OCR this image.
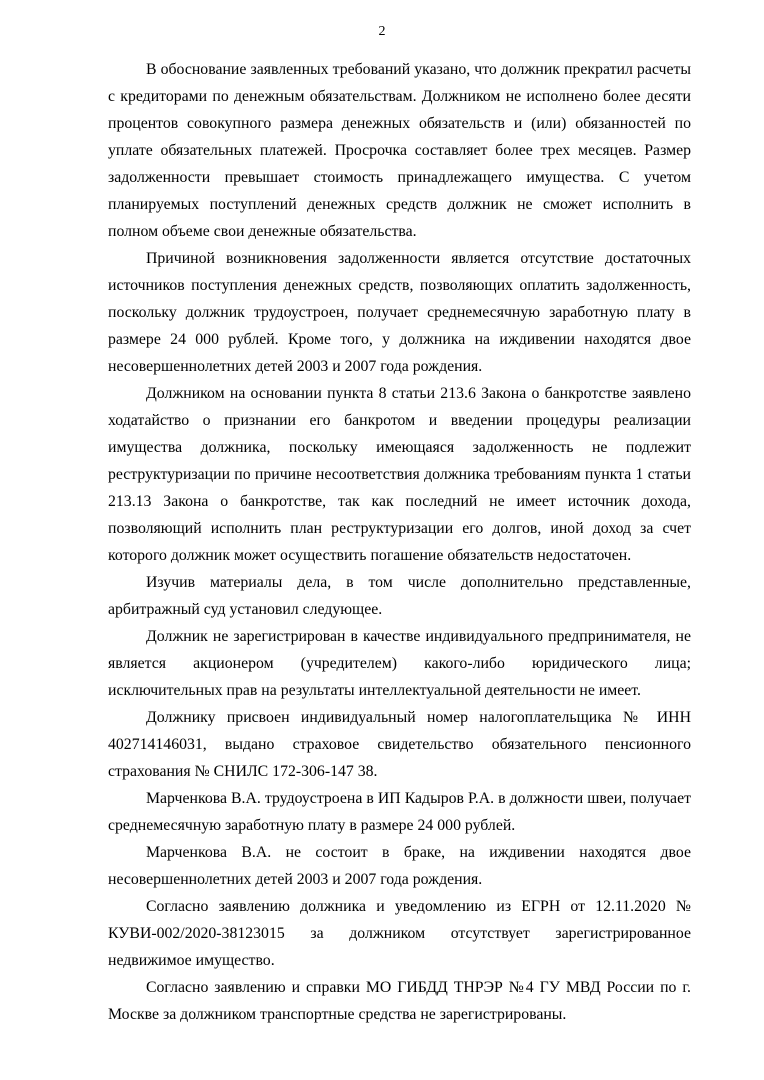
2

В обоснование заявленных требований указано, что должник прекратил расчеты с кредиторами по денежным обязательствам. Должником не исполнено более десяти процентов совокупного размера денежных обязательств и (или) обязанностей по уплате обязательных платежей. Просрочка составляет более трех месяцев. Размер задолженности превышает стоимость принадлежащего имущества. С учетом планируемых поступлений денежных средств должник не сможет исполнить в полном объеме свои денежные обязательства.

Причиной возникновения задолженности является отсутствие достаточных источников поступления денежных средств, позволяющих оплатить задолженность, поскольку должник трудоустроен, получает среднемесячную заработную плату в размере 24 000 рублей. Кроме того, у должника на иждивении находятся двое несовершеннолетних детей 2003 и 2007 года рождения.

Должником на основании пункта 8 статьи 213.6 Закона о банкротстве заявлено ходатайство о признании его банкротом и введении процедуры реализации имущества должника, поскольку имеющаяся задолженность не подлежит реструктуризации по причине несоответствия должника требованиям пункта 1 статьи 213.13 Закона о банкротстве, так как последний не имеет источник дохода, позволяющий исполнить план реструктуризации его долгов, иной доход за счет которого должник может осуществить погашение обязательств недостаточен.

Изучив материалы дела, в том числе дополнительно представленные, арбитражный суд установил следующее.

Должник не зарегистрирован в качестве индивидуального предпринимателя, не является акционером (учредителем) какого-либо юридического лица; исключительных прав на результаты интеллектуальной деятельности не имеет.

Должнику присвоен индивидуальный номер налогоплательщика № ИНН 402714146031, выдано страховое свидетельство обязательного пенсионного страхования № СНИЛС 172-306-147 38.

Марченкова В.А. трудоустроена в ИП Кадыров Р.А. в должности швеи, получает среднемесячную заработную плату в размере 24 000 рублей.

Марченкова В.А. не состоит в браке, на иждивении находятся двое несовершеннолетних детей 2003 и 2007 года рождения.

Согласно заявлению должника и уведомлению из ЕГРН от 12.11.2020 № КУВИ-002/2020-38123015 за должником отсутствует зарегистрированное недвижимое имущество.

Согласно заявлению и справки МО ГИБДД ТНРЭР №4 ГУ МВД России по г. Москве за должником транспортные средства не зарегистрированы.
